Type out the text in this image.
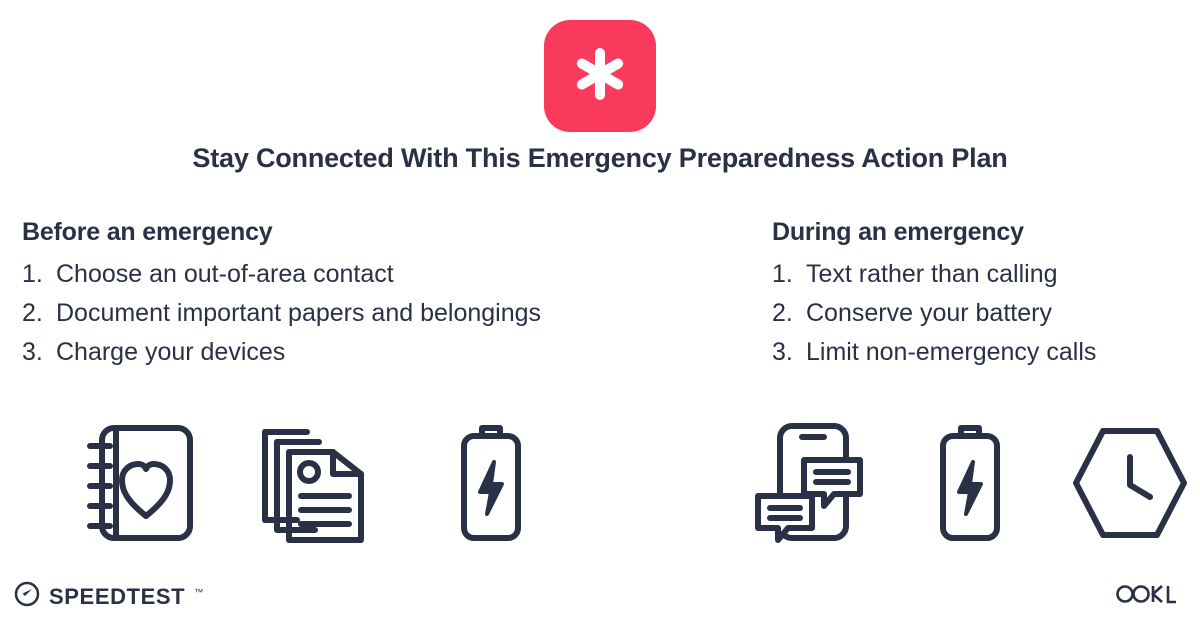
Stay Connected With This Emergency Preparedness Action Plan
Before an emergency
1. Choose an out-of-area contact
2. Document important papers and belongings
3. Charge your devices
During an emergency
1. Text rather than calling
2. Conserve your battery
3. Limit non-emergency calls
SPEEDTEST ™
